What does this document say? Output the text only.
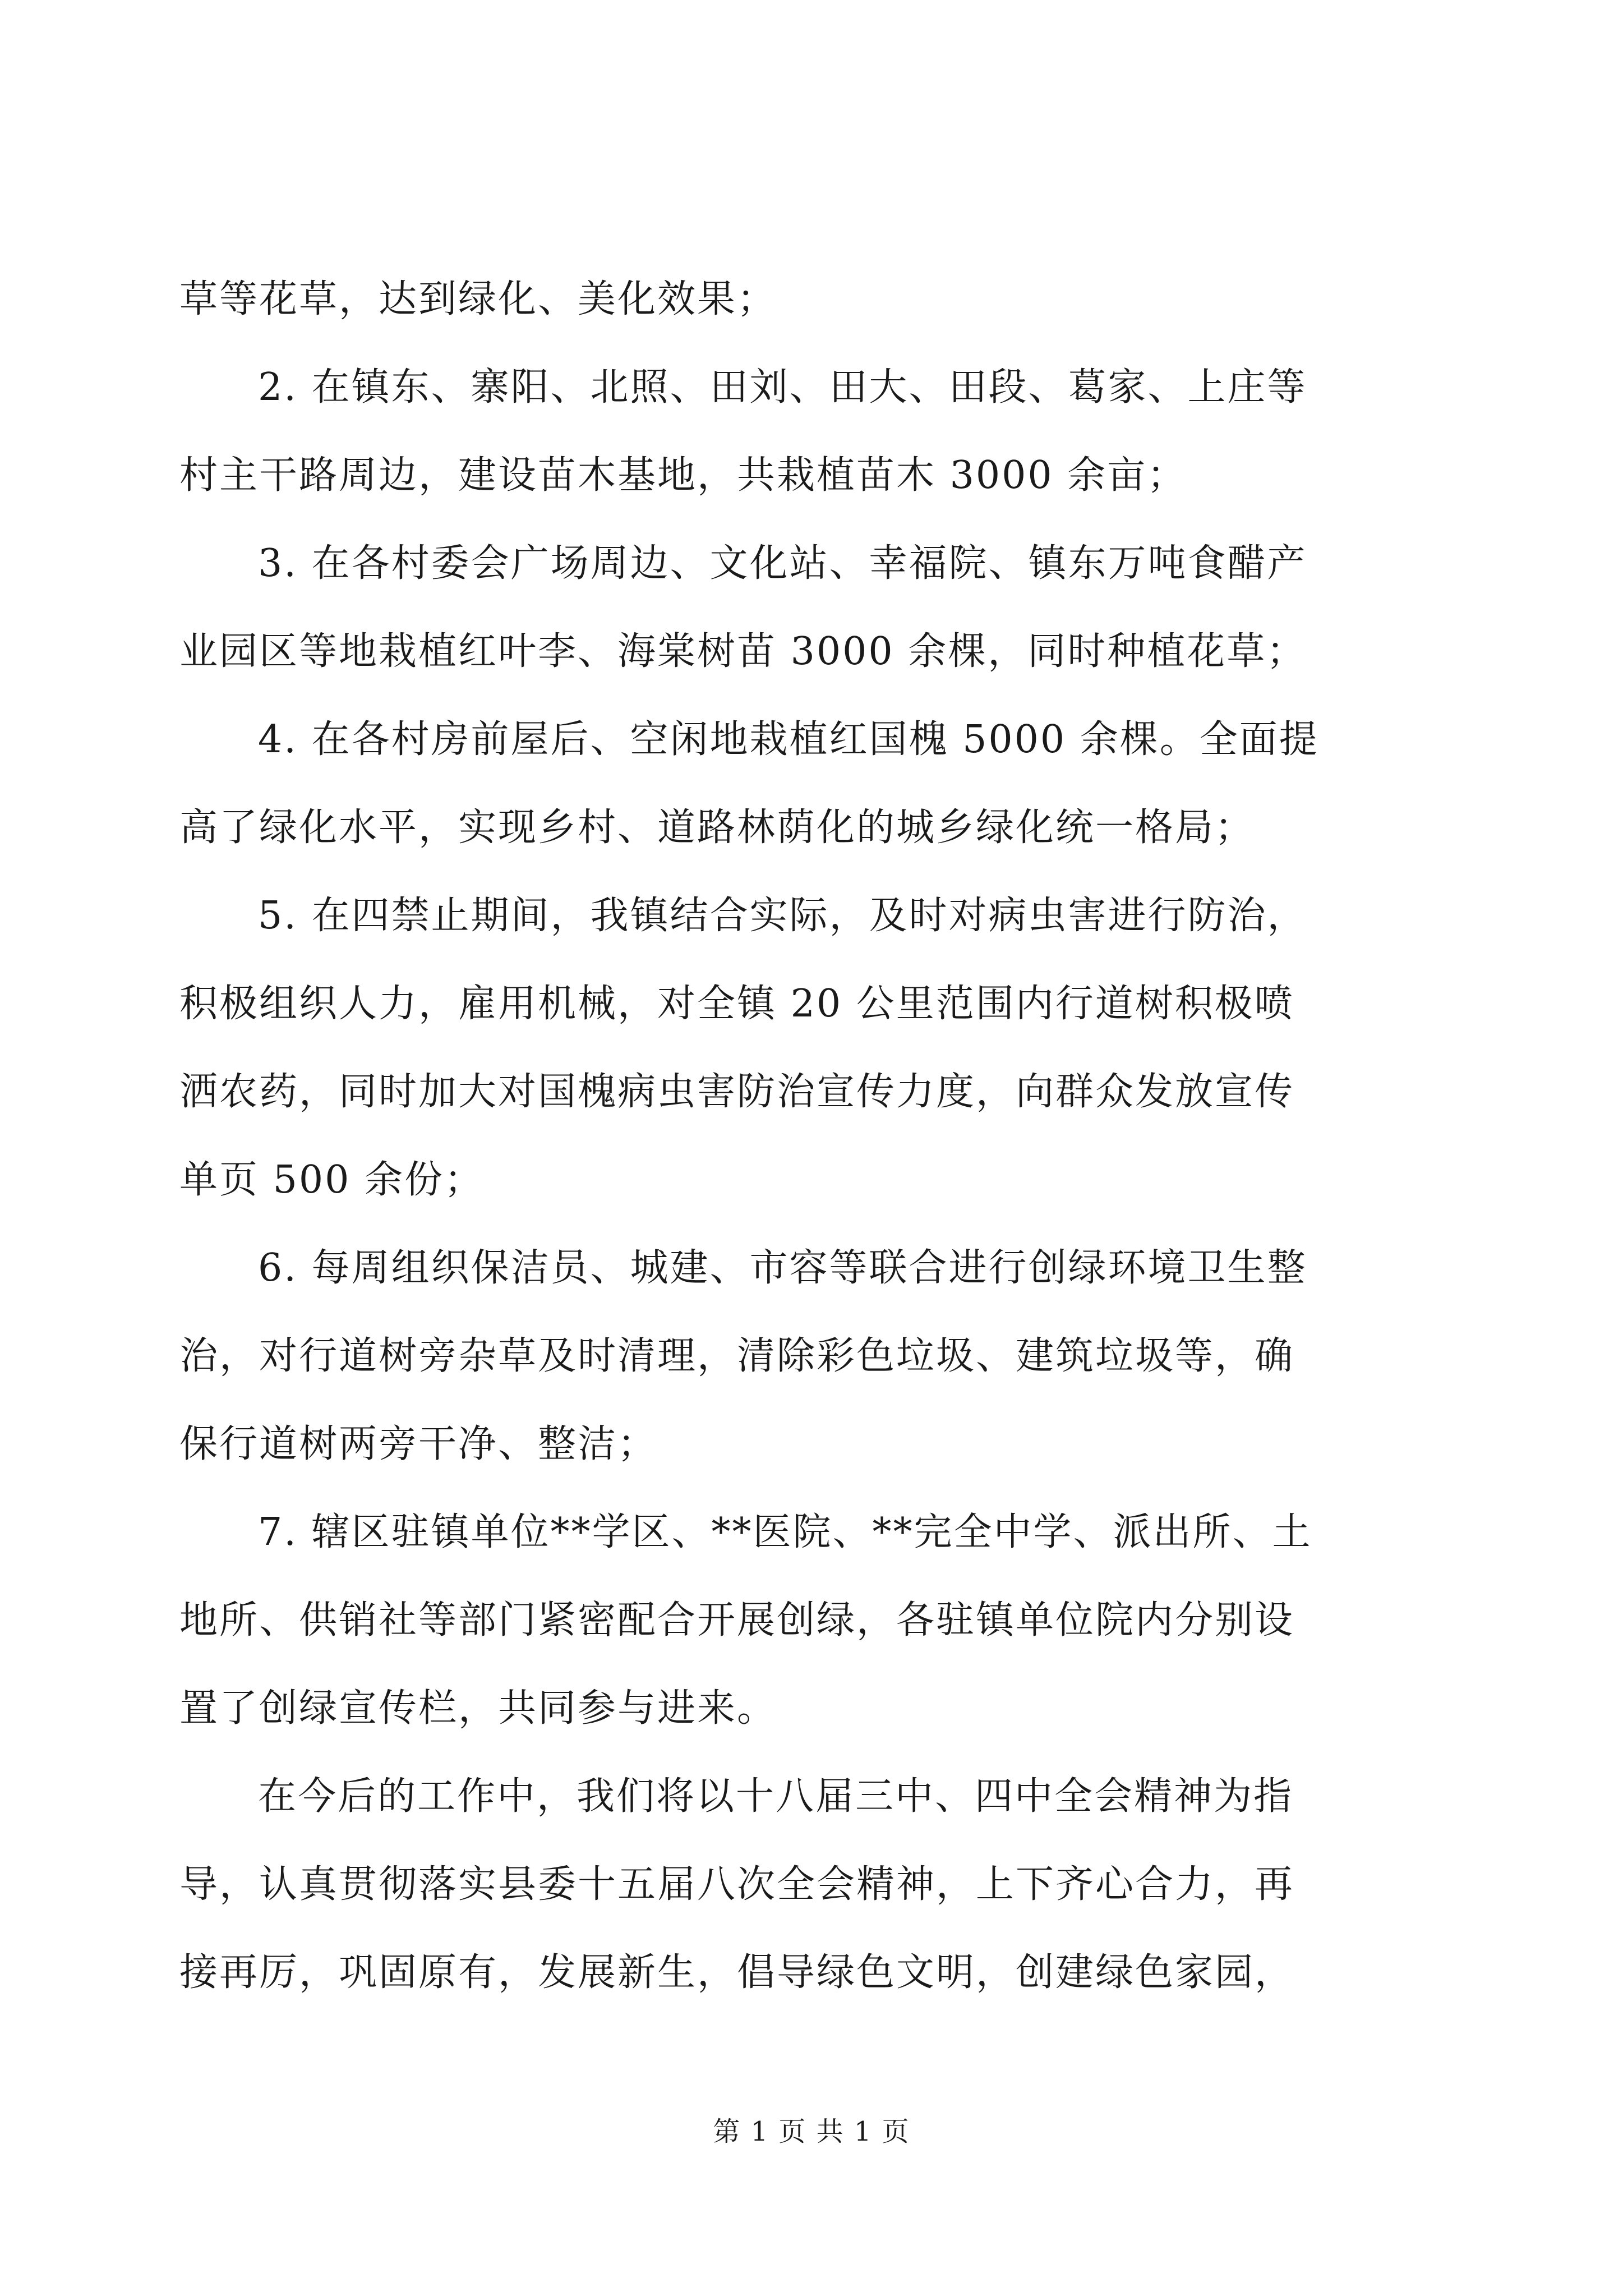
草等花草，达到绿化、美化效果；
2. 在镇东、寨阳、北照、田刘、田大、田段、葛家、上庄等
村主干路周边，建设苗木基地，共栽植苗木 3000 余亩；
3. 在各村委会广场周边、文化站、幸福院、镇东万吨食醋产
业园区等地栽植红叶李、海棠树苗 3000 余棵，同时种植花草；
4. 在各村房前屋后、空闲地栽植红国槐 5000 余棵。全面提
高了绿化水平，实现乡村、道路林荫化的城乡绿化统一格局；
5. 在四禁止期间，我镇结合实际，及时对病虫害进行防治，
积极组织人力，雇用机械，对全镇 20 公里范围内行道树积极喷
洒农药，同时加大对国槐病虫害防治宣传力度，向群众发放宣传
单页 500 余份；
6. 每周组织保洁员、城建、市容等联合进行创绿环境卫生整
治，对行道树旁杂草及时清理，清除彩色垃圾、建筑垃圾等，确
保行道树两旁干净、整洁；
7. 辖区驻镇单位**学区、**医院、**完全中学、派出所、土
地所、供销社等部门紧密配合开展创绿，各驻镇单位院内分别设
置了创绿宣传栏，共同参与进来。
在今后的工作中，我们将以十八届三中、四中全会精神为指
导，认真贯彻落实县委十五届八次全会精神，上下齐心合力，再
接再厉，巩固原有，发展新生，倡导绿色文明，创建绿色家园，
第 1 页 共 1 页
